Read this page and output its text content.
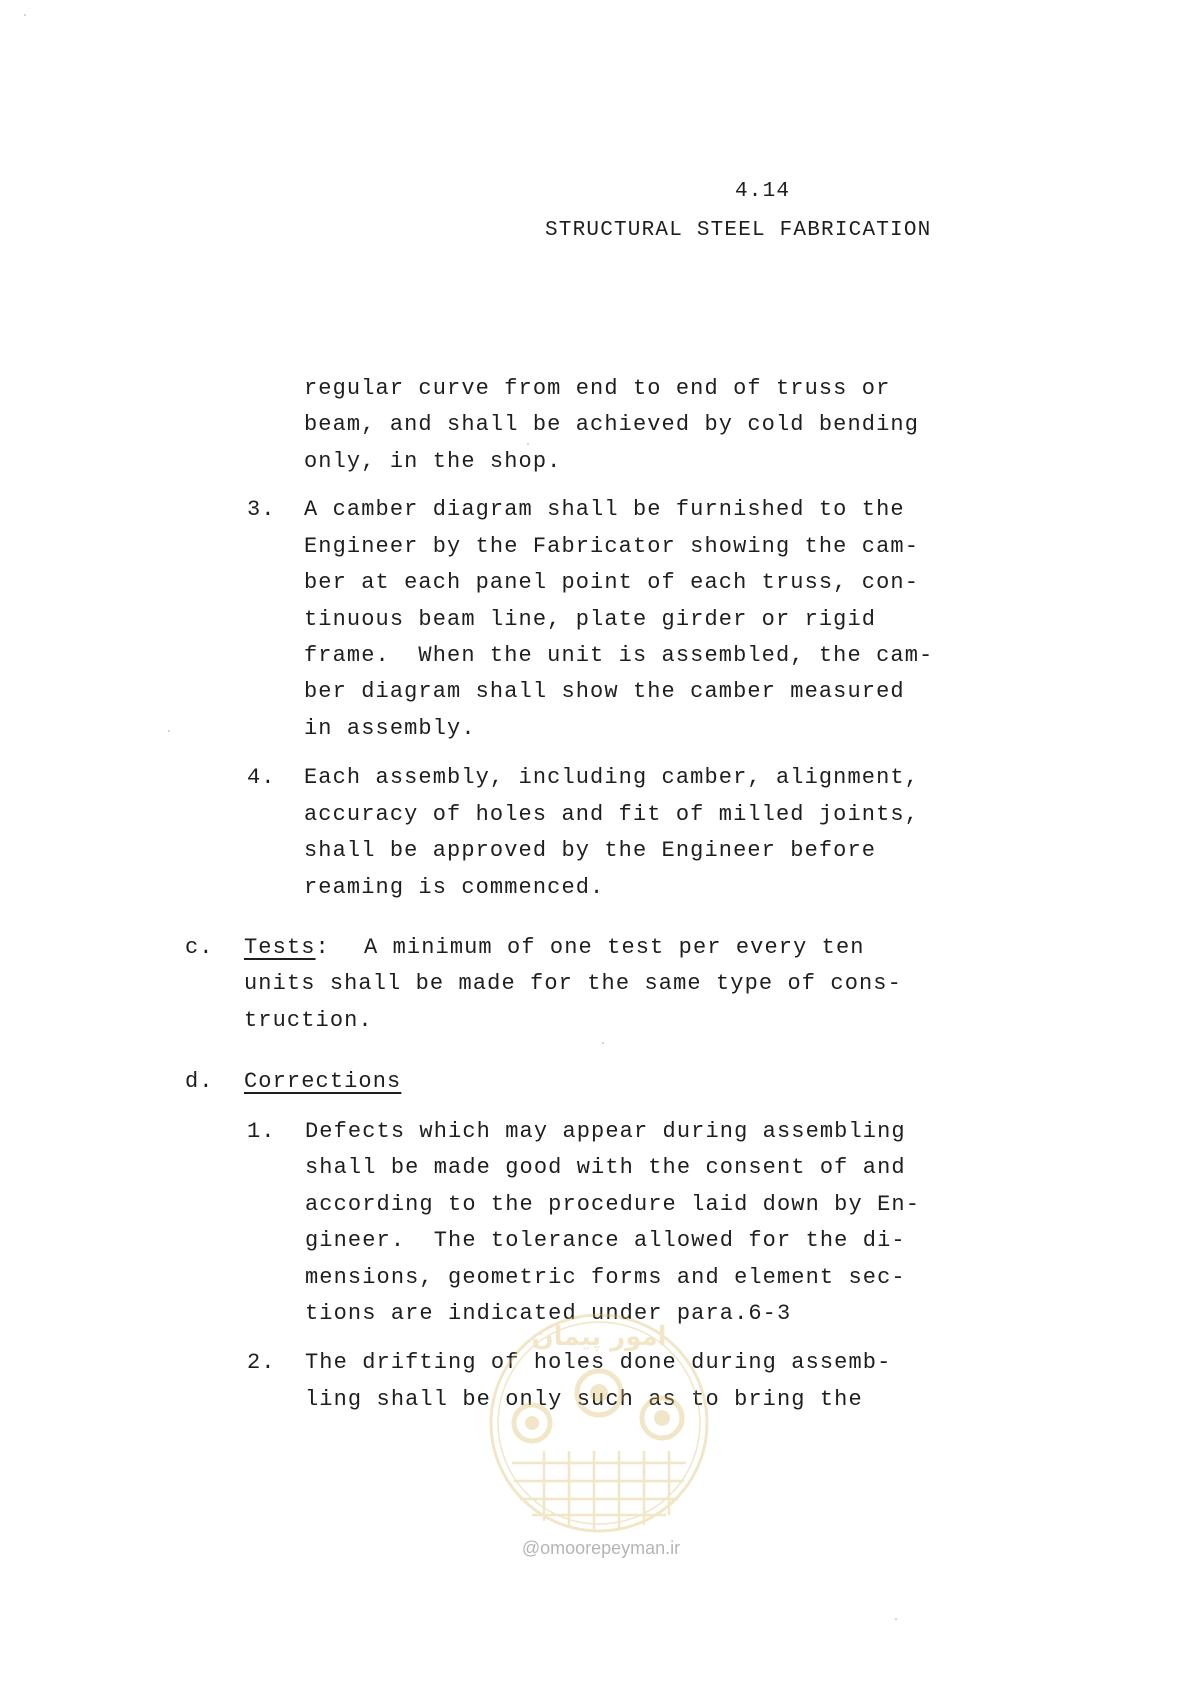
4.14
STRUCTURAL STEEL FABRICATION
regular curve from end to end of truss or
beam, and shall be achieved by cold bending
only, in the shop.
3. A camber diagram shall be furnished to the
Engineer by the Fabricator showing the cam-
ber at each panel point of each truss, con-
tinuous beam line, plate girder or rigid
frame.  When the unit is assembled, the cam-
ber diagram shall show the camber measured
in assembly.
4. Each assembly, including camber, alignment,
accuracy of holes and fit of milled joints,
shall be approved by the Engineer before
reaming is commenced.
c. Tests: A minimum of one test per every ten
units shall be made for the same type of cons-
truction.
d. Corrections
1. Defects which may appear during assembling
shall be made good with the consent of and
according to the procedure laid down by En-
gineer.  The tolerance allowed for the di-
mensions, geometric forms and element sec-
tions are indicated under para.6-3
2. The drifting of holes done during assemb-
ling shall be only such as to bring the
امور پیمان
@omoorepeyman.ir
